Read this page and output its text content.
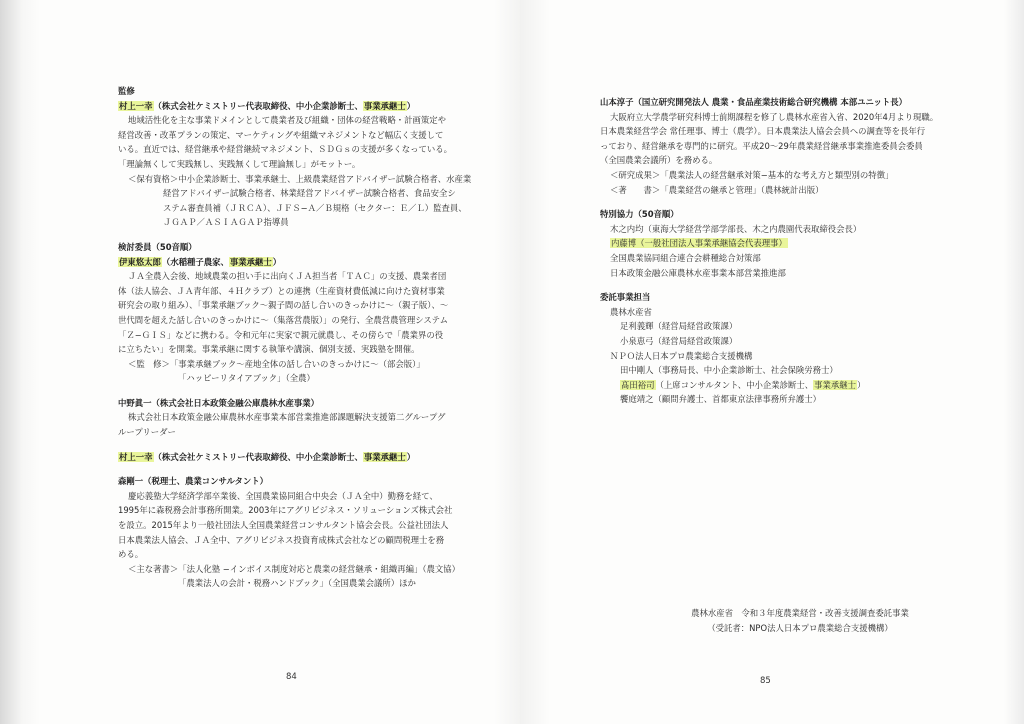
監修
村上一幸（株式会社ケミストリー代表取締役、中小企業診断士、事業承継士）
地域活性化を主な事業ドメインとして農業者及び組織・団体の経営戦略・計画策定や
経営改善・改革プランの策定、マーケティングや組織マネジメントなど幅広く支援して
いる。直近では、経営継承や経営継続マネジメント、ＳＤＧｓの支援が多くなっている。
「理論無くして実践無し、実践無くして理論無し」がモットー。
＜保有資格＞中小企業診断士、事業承継士、上級農業経営アドバイザー試験合格者、水産業
経営アドバイザー試験合格者、林業経営アドバイザー試験合格者、食品安全シ
ステム審査員補（ＪＲＣＡ）、ＪＦＳ−Ａ／Ｂ規格（セクター：Ｅ／Ｌ）監査員、
ＪＧＡＰ／ＡＳＩＡＧＡＰ指導員
検討委員（50音順）
伊東悠太郎（水稲種子農家、事業承継士）
ＪＡ全農入会後、地域農業の担い手に出向くＪＡ担当者「ＴＡＣ」の支援、農業者団
体（法人協会、ＪＡ青年部、４Ｈクラブ）との連携（生産資材費低減に向けた資材事業
研究会の取り組み）、「事業承継ブック〜親子間の話し合いのきっかけに〜（親子版）、〜
世代間を超えた話し合いのきっかけに〜（集落営農版）」の発行、全農営農管理システム
「Ｚ−ＧＩＳ」などに携わる。令和元年に実家で親元就農し、その傍らで「農業界の役
に立ちたい」を開業。事業承継に関する執筆や講演、個別支援、実践塾を開催。
＜監　修＞「事業承継ブック〜産地全体の話し合いのきっかけに〜（部会版）」
「ハッピーリタイアブック」（全農）
中野眞一（株式会社日本政策金融公庫農林水産事業）
株式会社日本政策金融公庫農林水産事業本部営業推進部課題解決支援第二グループグ
ループリーダー
村上一幸（株式会社ケミストリー代表取締役、中小企業診断士、事業承継士）
森剛一（税理士、農業コンサルタント）
慶応義塾大学経済学部卒業後、全国農業協同組合中央会（ＪＡ全中）勤務を経て、
1995年に森税務会計事務所開業。2003年にアグリビジネス・ソリューションズ株式会社
を設立。2015年より一般社団法人全国農業経営コンサルタント協会会長。公益社団法人
日本農業法人協会、ＪＡ全中、アグリビジネス投資育成株式会社などの顧問税理士を務
める。
＜主な著書＞「法人化塾 −インボイス制度対応と農業の経営継承・組織再編」（農文協）
「農業法人の会計・税務ハンドブック」（全国農業会議所）ほか
84
山本淳子（国立研究開発法人 農業・食品産業技術総合研究機構 本部ユニット長）
大阪府立大学農学研究科博士前期課程を修了し農林水産省入省、2020年4月より現職。
日本農業経営学会 常任理事、博士（農学）。日本農業法人協会会員への調査等を長年行
っており、経営継承を専門的に研究。平成20〜29年農業経営継承事業推進委員会委員
（全国農業会議所）を務める。
＜研究成果＞「農業法人の経営継承対策−基本的な考え方と類型別の特徴」
＜著　　書＞「農業経営の継承と管理」（農林統計出版）
特別協力（50音順）
木之内均（東海大学経営学部学部長、木之内農園代表取締役会長）
内藤博（一般社団法人事業承継協会代表理事）
全国農業協同組合連合会耕種総合対策部
日本政策金融公庫農林水産事業本部営業推進部
委託事業担当
農林水産省
足利義輝（経営局経営政策課）
小泉恵弓（経営局経営政策課）
ＮＰＯ法人日本プロ農業総合支援機構
田中剛人（事務局長、中小企業診断士、社会保険労務士）
髙田裕司（上席コンサルタント、中小企業診断士、事業承継士）
饗庭靖之（顧問弁護士、首都東京法律事務所弁護士）
農林水産省　令和３年度農業経営・改善支援調査委託事業
（受託者：NPO法人日本プロ農業総合支援機構）
85
